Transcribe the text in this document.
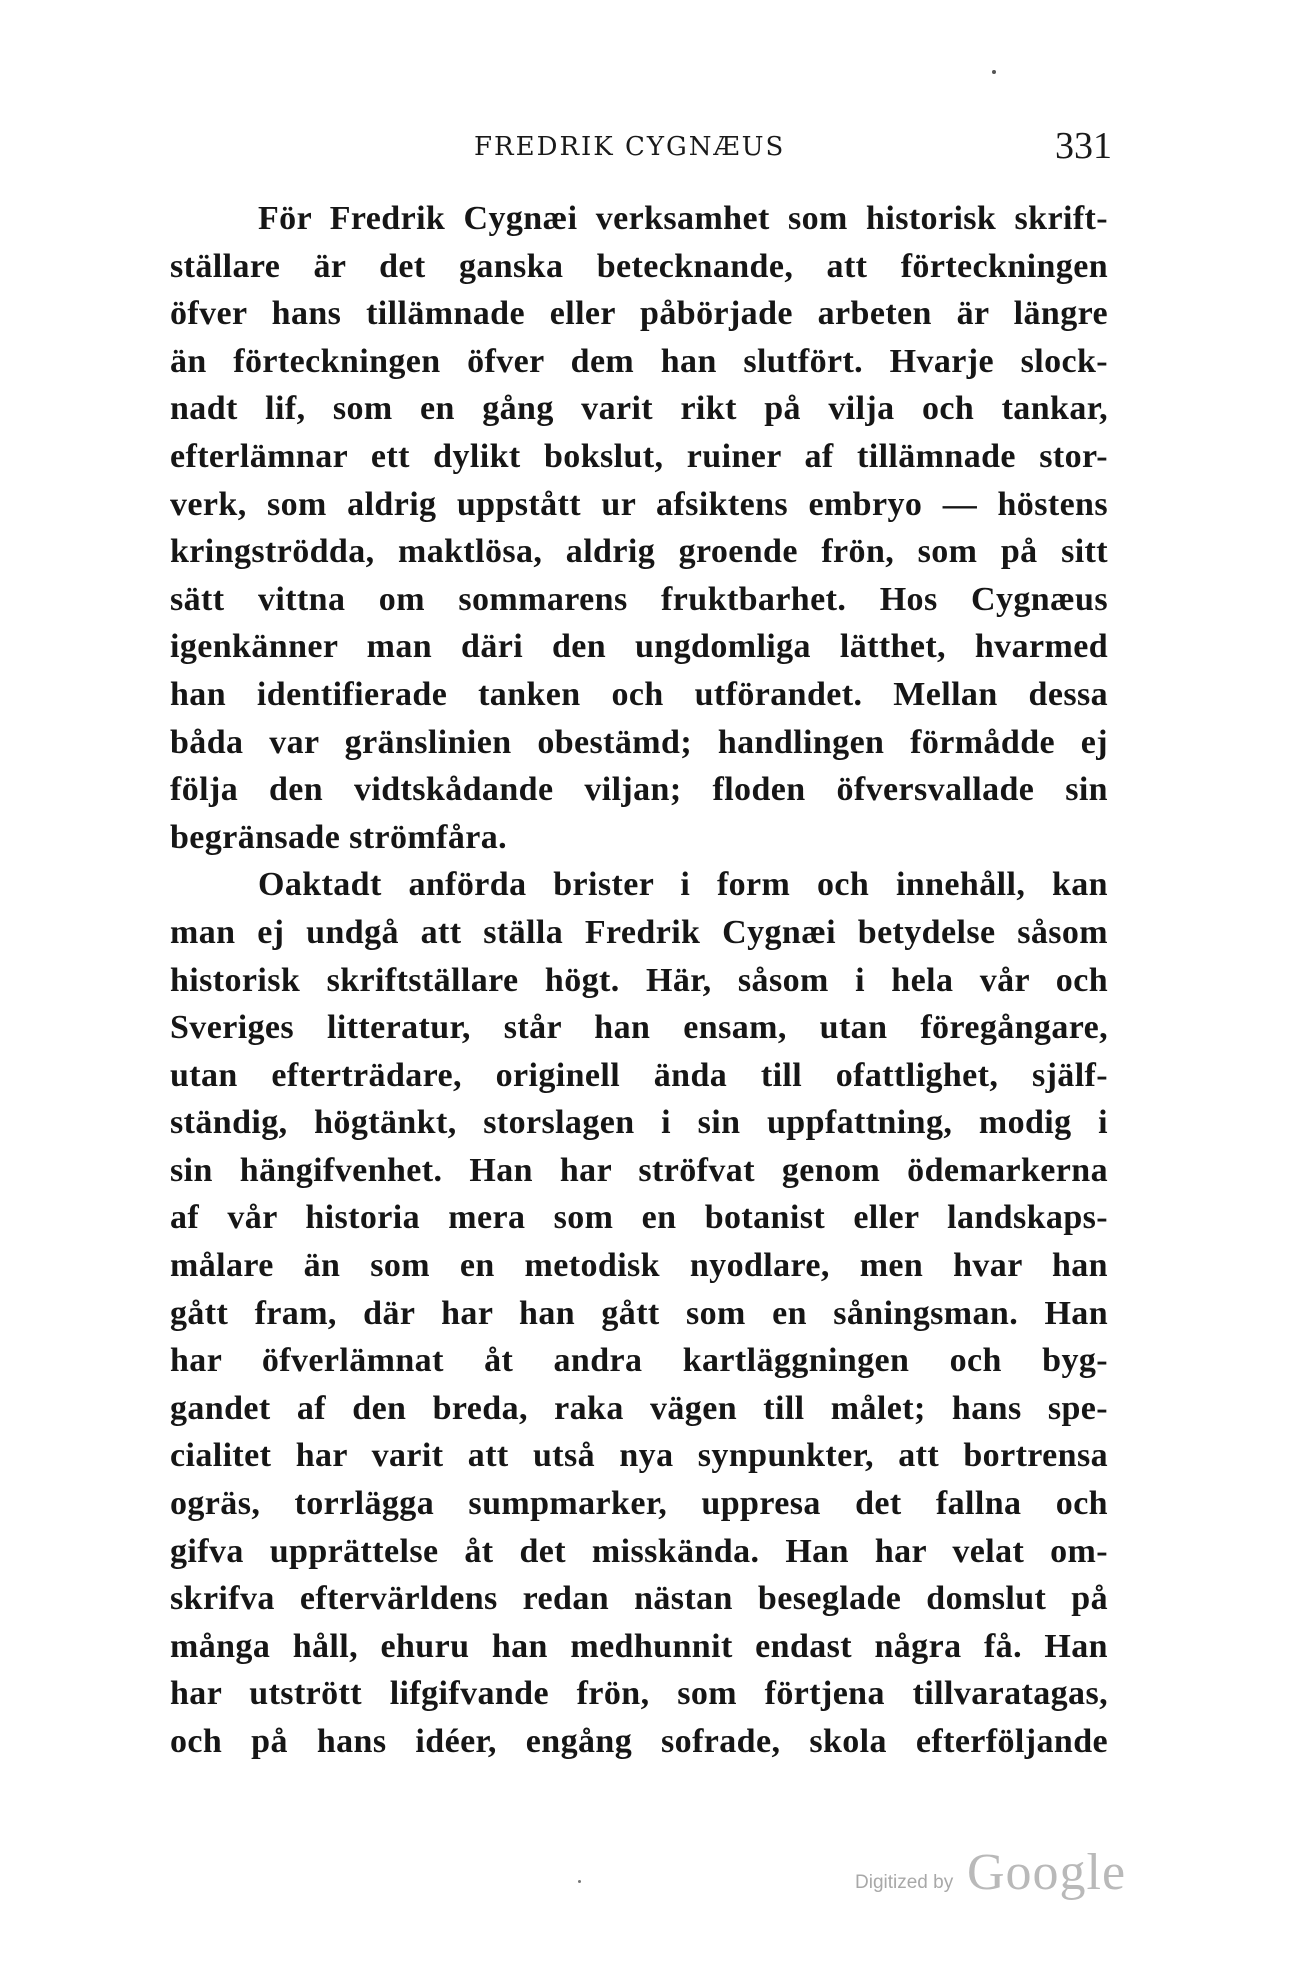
FREDRIK CYGNÆUS	331
För Fredrik Cygnæi verksamhet som historisk skrift-
ställare är det ganska betecknande, att förteckningen
öfver hans tillämnade eller påbörjade arbeten är längre
än förteckningen öfver dem han slutfört. Hvarje slock-
nadt lif, som en gång varit rikt på vilja och tankar,
efterlämnar ett dylikt bokslut, ruiner af tillämnade stor-
verk, som aldrig uppstått ur afsiktens embryo — höstens
kringströdda, maktlösa, aldrig groende frön, som på sitt
sätt vittna om sommarens fruktbarhet. Hos Cygnæus
igenkänner man däri den ungdomliga lätthet, hvarmed
han identifierade tanken och utförandet. Mellan dessa
båda var gränslinien obestämd; handlingen förmådde ej
följa den vidtskådande viljan; floden öfversvallade sin
begränsade strömfåra.
Oaktadt anförda brister i form och innehåll, kan
man ej undgå att ställa Fredrik Cygnæi betydelse såsom
historisk skriftställare högt. Här, såsom i hela vår och
Sveriges litteratur, står han ensam, utan föregångare,
utan efterträdare, originell ända till ofattlighet, själf-
ständig, högtänkt, storslagen i sin uppfattning, modig i
sin hängifvenhet. Han har ströfvat genom ödemarkerna
af vår historia mera som en botanist eller landskaps-
målare än som en metodisk nyodlare, men hvar han
gått fram, där har han gått som en såningsman. Han
har öfverlämnat åt andra kartläggningen och byg-
gandet af den breda, raka vägen till målet; hans spe-
cialitet har varit att utså nya synpunkter, att bortrensa
ogräs, torrlägga sumpmarker, uppresa det fallna och
gifva upprättelse åt det misskända. Han har velat om-
skrifva eftervärldens redan nästan beseglade domslut på
många håll, ehuru han medhunnit endast några få. Han
har utstrött lifgifvande frön, som förtjena tillvaratagas,
och på hans idéer, engång sofrade, skola efterföljande
Digitized by Google
